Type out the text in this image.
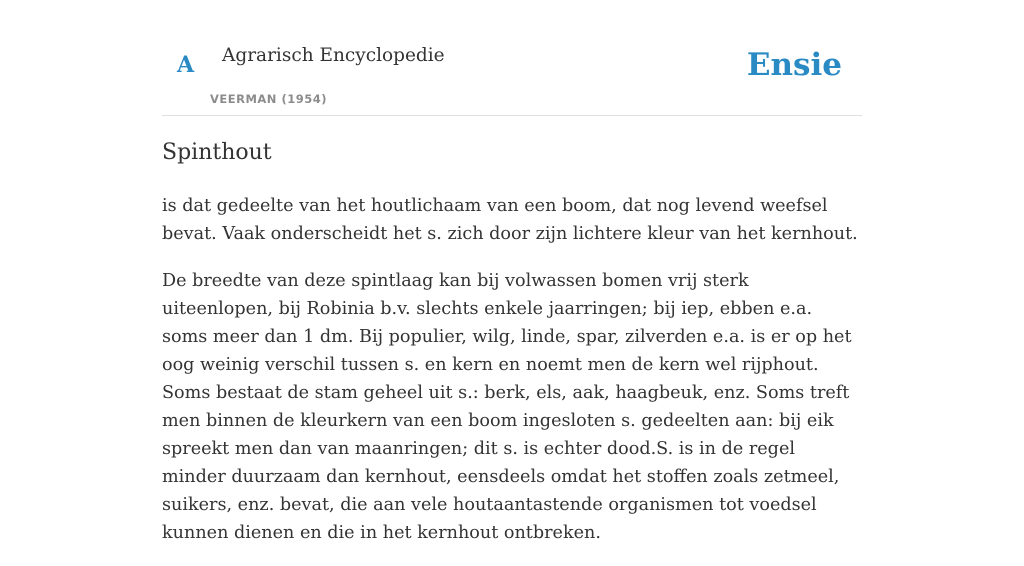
A Agrarisch Encyclopedie
VEERMAN (1954)
Ensie
Spinthout

is dat gedeelte van het houtlichaam van een boom, dat nog levend weefsel bevat. Vaak onderscheidt het s. zich door zijn lichtere kleur van het kernhout.

De breedte van deze spintlaag kan bij volwassen bomen vrij sterk uiteenlopen, bij Robinia b.v. slechts enkele jaarringen; bij iep, ebben e.a. soms meer dan 1 dm. Bij populier, wilg, linde, spar, zilverden e.a. is er op het oog weinig verschil tussen s. en kern en noemt men de kern wel rijphout. Soms bestaat de stam geheel uit s.: berk, els, aak, haagbeuk, enz. Soms treft men binnen de kleurkern van een boom ingesloten s. gedeelten aan: bij eik spreekt men dan van maanringen; dit s. is echter dood.S. is in de regel minder duurzaam dan kernhout, eensdeels omdat het stoffen zoals zetmeel, suikers, enz. bevat, die aan vele houtaantastende organismen tot voedsel kunnen dienen en die in het kernhout ontbreken.
